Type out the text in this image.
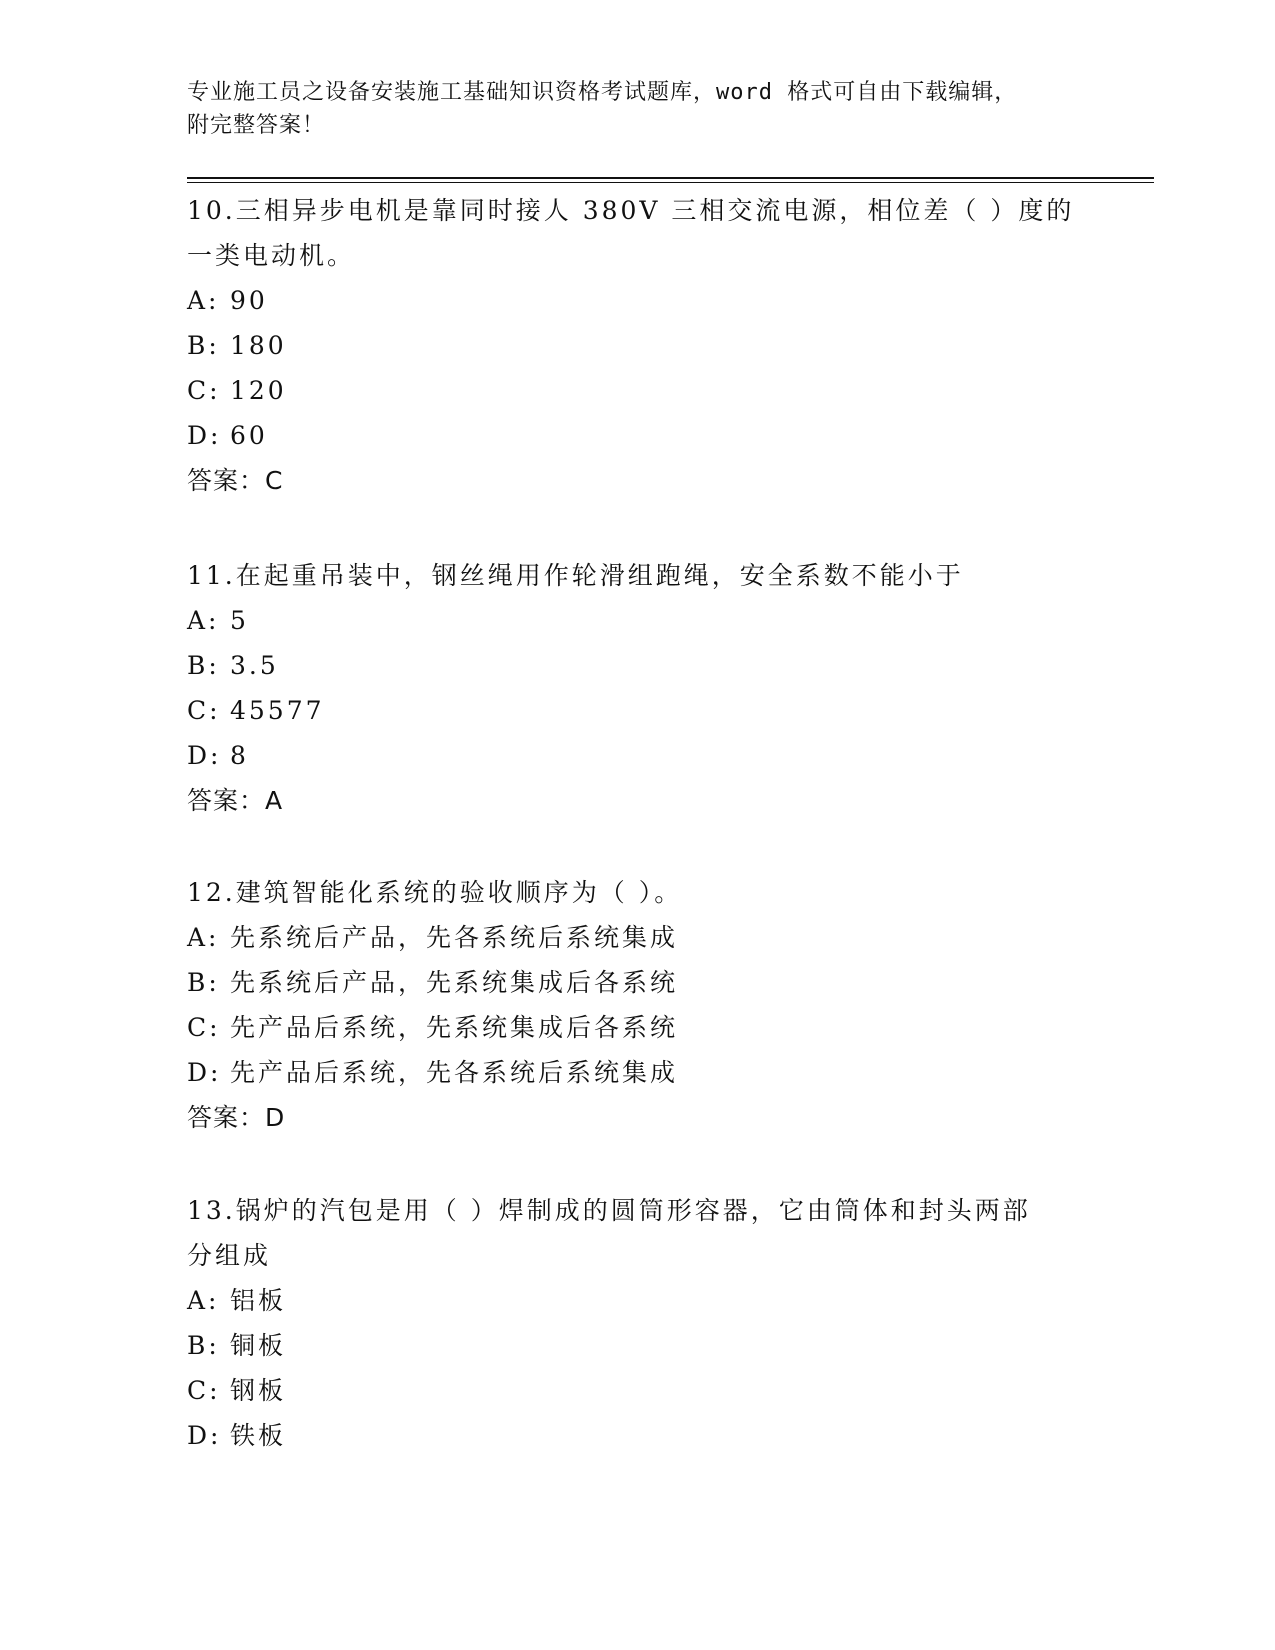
专业施工员之设备安装施工基础知识资格考试题库，word 格式可自由下载编辑，
附完整答案！

10.三相异步电机是靠同时接人 380V 三相交流电源，相位差（ ）度的

一类电动机。

A: 90

B: 180

C: 120

D: 60

答案：C

11.在起重吊装中，钢丝绳用作轮滑组跑绳，安全系数不能小于

A: 5

B: 3.5

C: 45577

D: 8

答案：A

12.建筑智能化系统的验收顺序为（ ）。

A: 先系统后产品，先各系统后系统集成

B: 先系统后产品，先系统集成后各系统

C: 先产品后系统，先系统集成后各系统

D: 先产品后系统，先各系统后系统集成

答案：D

13.锅炉的汽包是用（ ）焊制成的圆筒形容器，它由筒体和封头两部

分组成

A: 铝板

B: 铜板

C: 钢板

D: 铁板
